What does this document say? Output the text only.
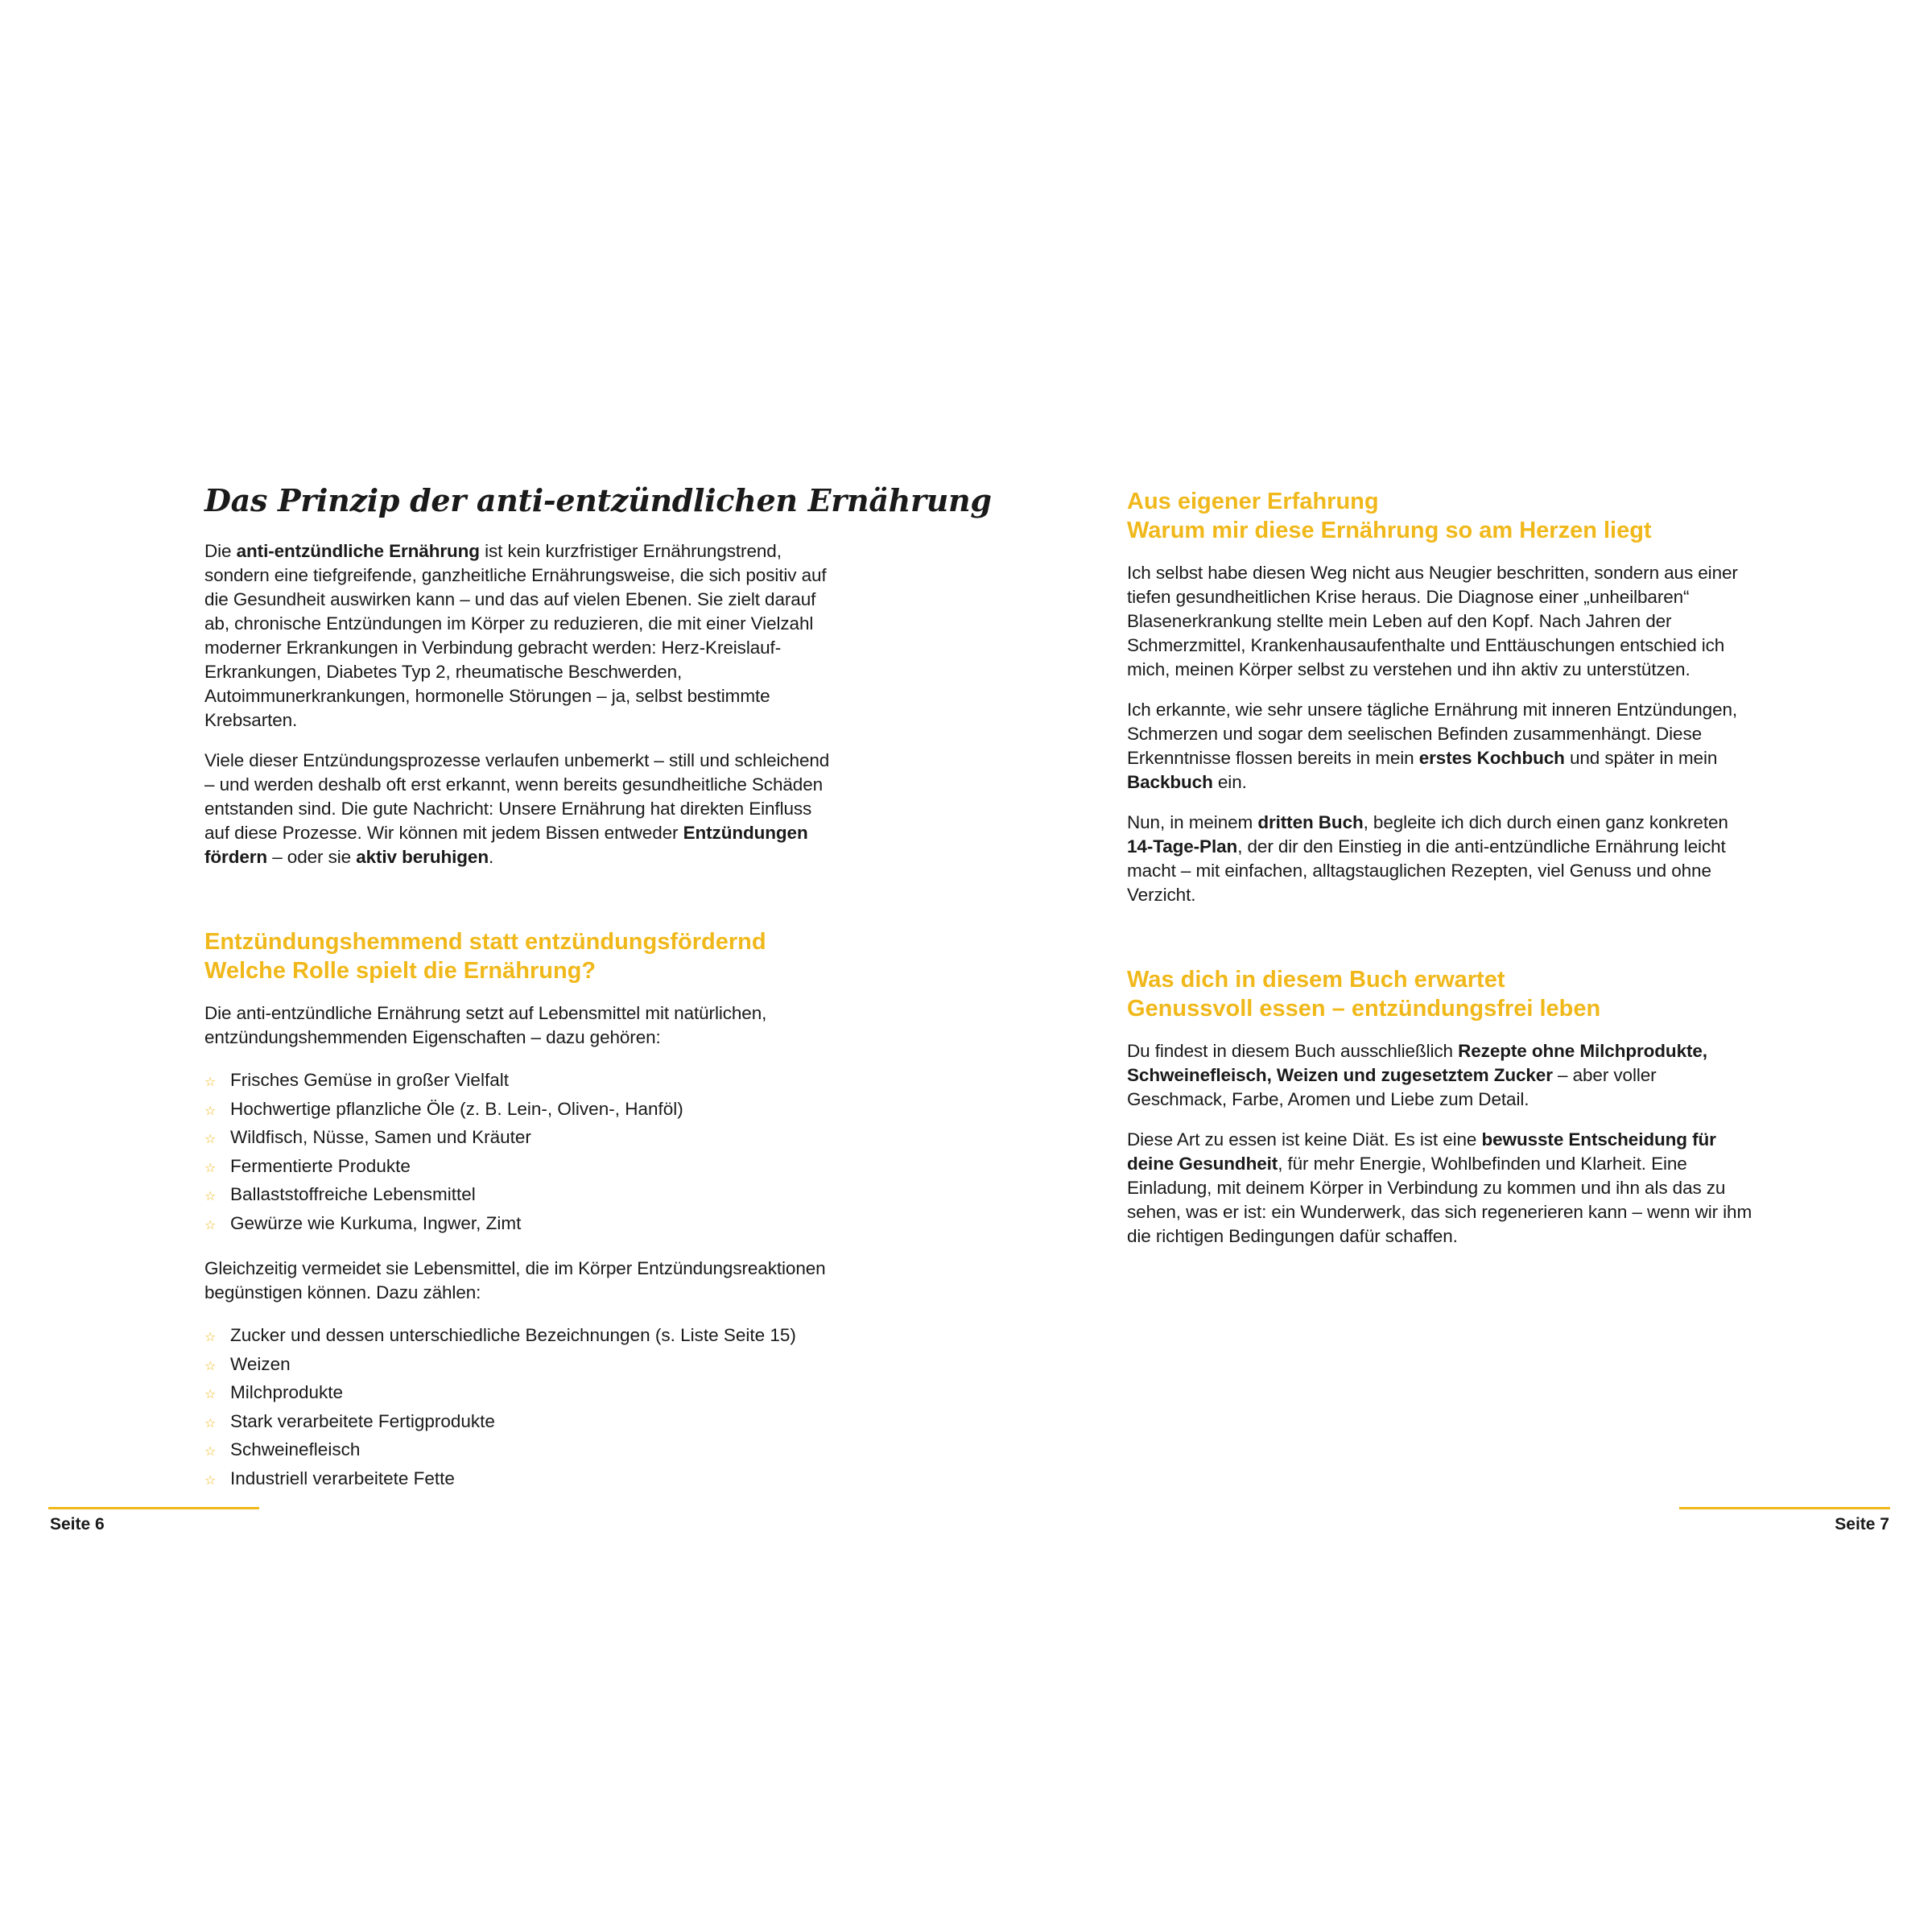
Das Prinzip der anti-entzündlichen Ernährung

Die anti-entzündliche Ernährung ist kein kurzfristiger Ernährungstrend, sondern eine tiefgreifende, ganzheitliche Ernährungsweise, die sich positiv auf die Gesundheit auswirken kann – und das auf vielen Ebenen. Sie zielt darauf ab, chronische Entzündungen im Körper zu reduzieren, die mit einer Vielzahl moderner Erkrankungen in Verbindung gebracht werden: Herz-Kreislauf-Erkrankungen, Diabetes Typ 2, rheumatische Beschwerden, Autoimmunerkrankungen, hormonelle Störungen – ja, selbst bestimmte Krebsarten.

Viele dieser Entzündungsprozesse verlaufen unbemerkt – still und schleichend – und werden deshalb oft erst erkannt, wenn bereits gesundheitliche Schäden entstanden sind. Die gute Nachricht: Unsere Ernährung hat direkten Einfluss auf diese Prozesse. Wir können mit jedem Bissen entweder Entzündungen fördern – oder sie aktiv beruhigen.

Entzündungshemmend statt entzündungsfördernd
Welche Rolle spielt die Ernährung?

Die anti-entzündliche Ernährung setzt auf Lebensmittel mit natürlichen, entzündungshemmenden Eigenschaften – dazu gehören:

☆ Frisches Gemüse in großer Vielfalt
☆ Hochwertige pflanzliche Öle (z. B. Lein-, Oliven-, Hanföl)
☆ Wildfisch, Nüsse, Samen und Kräuter
☆ Fermentierte Produkte
☆ Ballaststoffreiche Lebensmittel
☆ Gewürze wie Kurkuma, Ingwer, Zimt

Gleichzeitig vermeidet sie Lebensmittel, die im Körper Entzündungsreaktionen begünstigen können. Dazu zählen:

☆ Zucker und dessen unterschiedliche Bezeichnungen (s. Liste Seite 15)
☆ Weizen
☆ Milchprodukte
☆ Stark verarbeitete Fertigprodukte
☆ Schweinefleisch
☆ Industriell verarbeitete Fette
Aus eigener Erfahrung
Warum mir diese Ernährung so am Herzen liegt

Ich selbst habe diesen Weg nicht aus Neugier beschritten, sondern aus einer tiefen gesundheitlichen Krise heraus. Die Diagnose einer „unheilbaren“ Blasenerkrankung stellte mein Leben auf den Kopf. Nach Jahren der Schmerzmittel, Krankenhausaufenthalte und Enttäuschungen entschied ich mich, meinen Körper selbst zu verstehen und ihn aktiv zu unterstützen.

Ich erkannte, wie sehr unsere tägliche Ernährung mit inneren Entzündungen, Schmerzen und sogar dem seelischen Befinden zusammenhängt. Diese Erkenntnisse flossen bereits in mein erstes Kochbuch und später in mein Backbuch ein.

Nun, in meinem dritten Buch, begleite ich dich durch einen ganz konkreten 14-Tage-Plan, der dir den Einstieg in die anti-entzündliche Ernährung leicht macht – mit einfachen, alltagstauglichen Rezepten, viel Genuss und ohne Verzicht.

Was dich in diesem Buch erwartet
Genussvoll essen – entzündungsfrei leben

Du findest in diesem Buch ausschließlich Rezepte ohne Milchprodukte, Schweinefleisch, Weizen und zugesetztem Zucker – aber voller Geschmack, Farbe, Aromen und Liebe zum Detail.

Diese Art zu essen ist keine Diät. Es ist eine bewusste Entscheidung für deine Gesundheit, für mehr Energie, Wohlbefinden und Klarheit. Eine Einladung, mit deinem Körper in Verbindung zu kommen und ihn als das zu sehen, was er ist: ein Wunderwerk, das sich regenerieren kann – wenn wir ihm die richtigen Bedingungen dafür schaffen.

Seite 6	Seite 7
